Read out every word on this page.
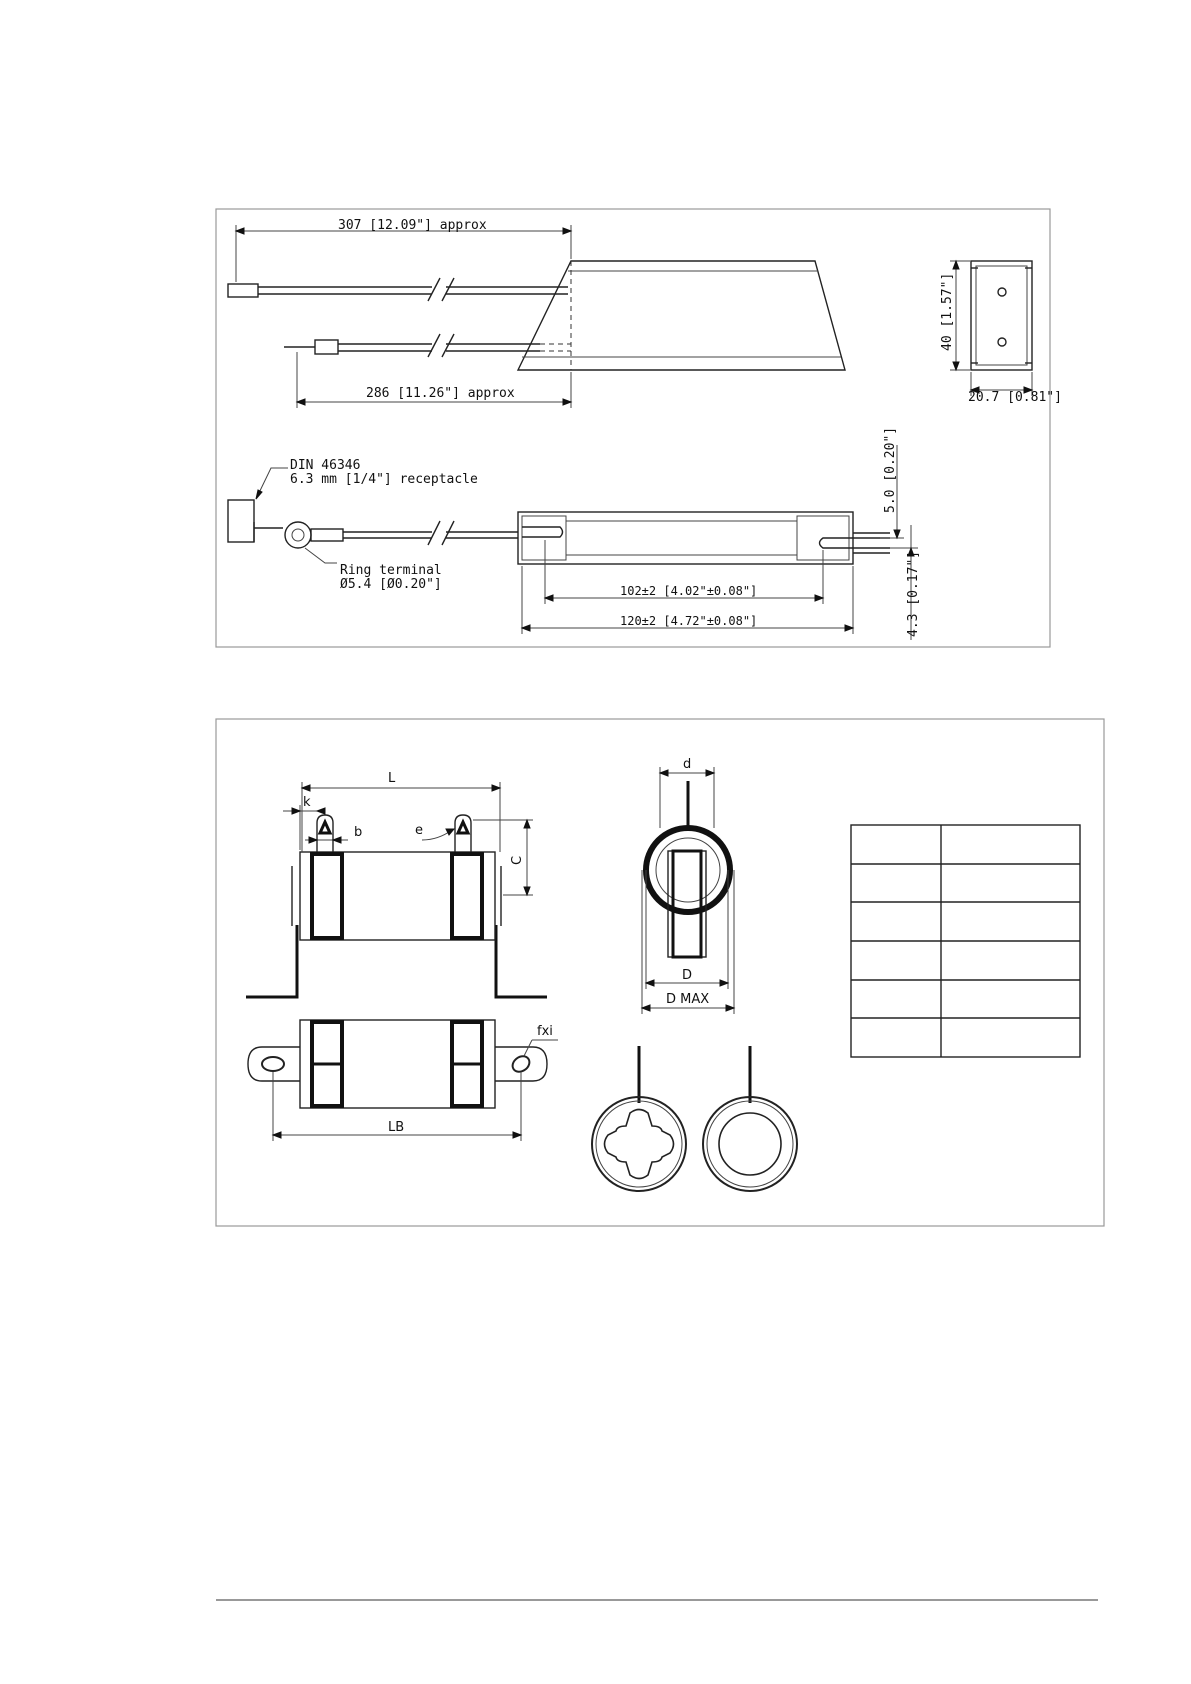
307 [12.09"] approx
286 [11.26"] approx
40 [1.57"]
20.7 [0.81"]
DIN 46346
6.3 mm [1/4"] receptacle
Ring terminal
Ø5.4 [Ø0.20"]
5.0 [0.20"]
4.3 [0.17"]
102±2 [4.02"±0.08"]
120±2 [4.72"±0.08"]
L
k
b	e
C
fxi
LB
d
D
D MAX
